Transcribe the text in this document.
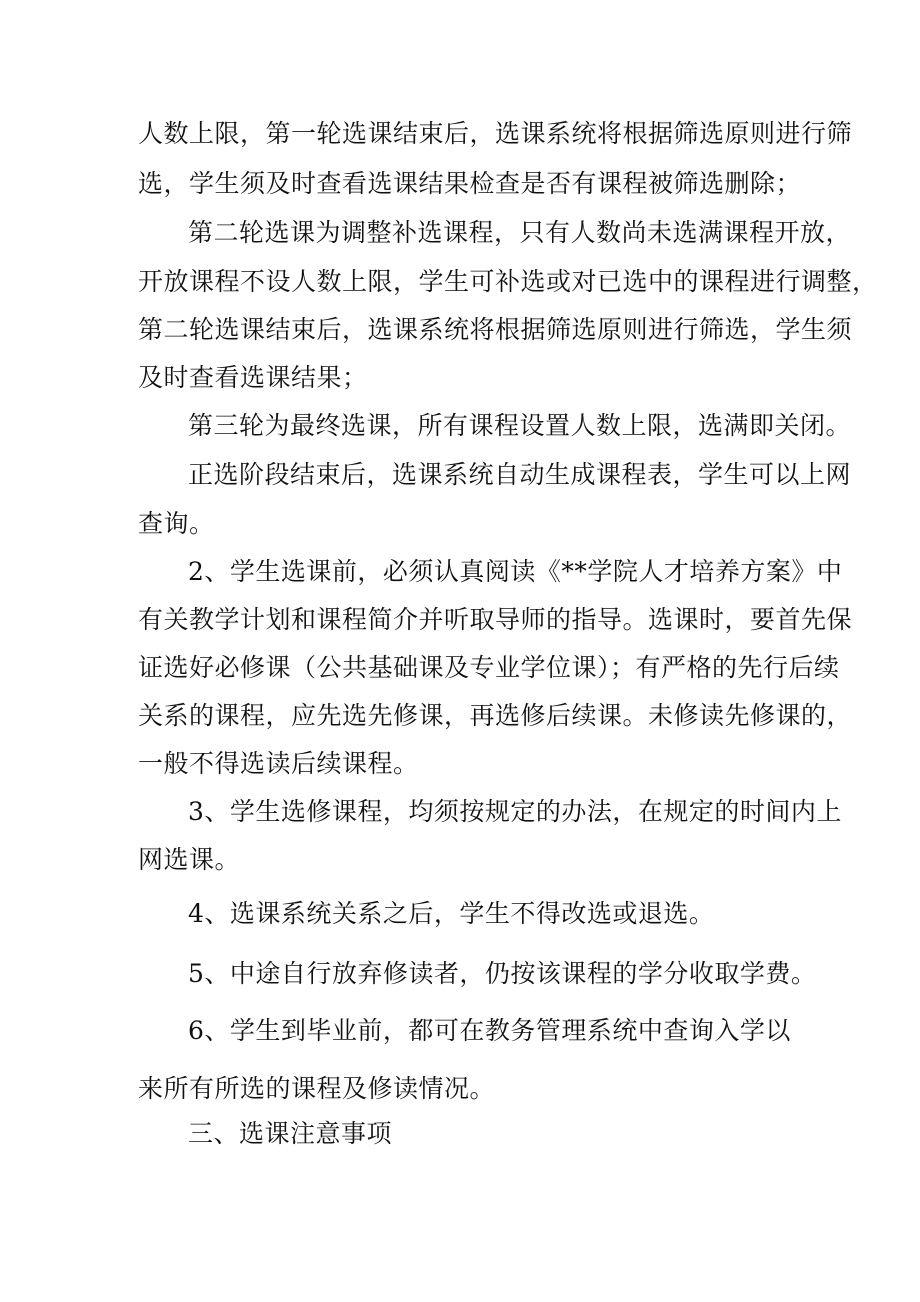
人数上限，第一轮选课结束后，选课系统将根据筛选原则进行筛
选，学生须及时查看选课结果检查是否有课程被筛选删除；
第二轮选课为调整补选课程，只有人数尚未选满课程开放，
开放课程不设人数上限，学生可补选或对已选中的课程进行调整，
第二轮选课结束后，选课系统将根据筛选原则进行筛选，学生须
及时查看选课结果；
第三轮为最终选课，所有课程设置人数上限，选满即关闭。
正选阶段结束后，选课系统自动生成课程表，学生可以上网
查询。
2、学生选课前，必须认真阅读《**学院人才培养方案》中
有关教学计划和课程简介并听取导师的指导。选课时，要首先保
证选好必修课（公共基础课及专业学位课）；有严格的先行后续
关系的课程，应先选先修课，再选修后续课。未修读先修课的，
一般不得选读后续课程。
3、学生选修课程，均须按规定的办法，在规定的时间内上
网选课。
4、选课系统关系之后，学生不得改选或退选。
5、中途自行放弃修读者，仍按该课程的学分收取学费。
6、学生到毕业前，都可在教务管理系统中查询入学以
来所有所选的课程及修读情况。
三、选课注意事项
